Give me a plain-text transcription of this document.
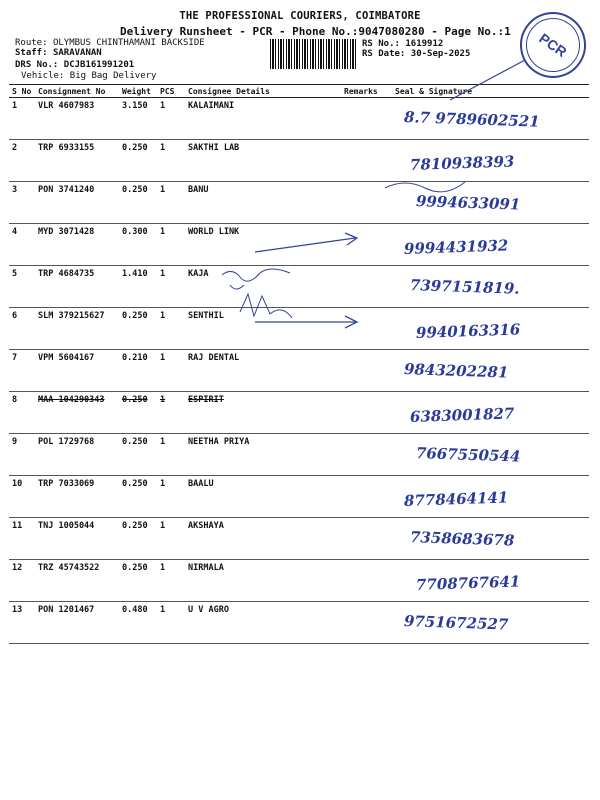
THE PROFESSIONAL COURIERS, COIMBATORE
Delivery Runsheet - PCR - Phone No.:9047080280 - Page No.:1
Route: OLYMBUS CHINTHAMANI BACKSIDE
Staff: SARAVANAN
DRS No.: DCJB161991201
Vehicle: Big Bag Delivery
RS No.: 1619912
RS Date: 30-Sep-2025	PCR
S No	Consignment No	Weight	PCS	Consignee Details	Remarks	Seal & Signature
1	VLR 4607983	3.150	1	KALAIMANI		8.7 9789602521

2	TRP 6933155	0.250	1	SAKTHI LAB		7810938393

3	PON 3741240	0.250	1	BANU		9994633091

4	MYD 3071428	0.300	1	WORLD LINK		9994431932

5	TRP 4684735	1.410	1	KAJA		7397151819.

6	SLM 379215627	0.250	1	SENTHIL		9940163316

7	VPM 5604167	0.210	1	RAJ DENTAL		9843202281

8	MAA 104290343	0.250	1	ESPIRIT		6383001827

9	POL 1729768	0.250	1	NEETHA PRIYA		7667550544

10	TRP 7033069	0.250	1	BAALU		8778464141

11	TNJ 1005044	0.250	1	AKSHAYA		7358683678

12	TRZ 45743522	0.250	1	NIRMALA		7708767641

13	PON 1201467	0.480	1	U V AGRO		9751672527
